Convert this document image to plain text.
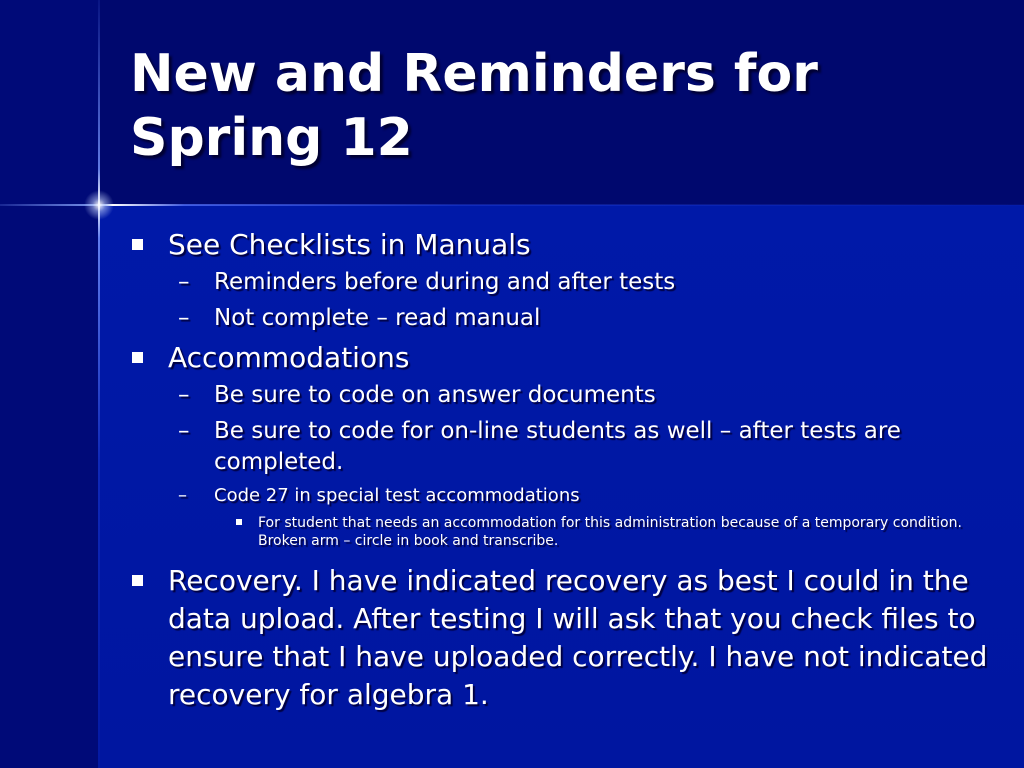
New and Reminders for Spring 12
See Checklists in Manuals
– Reminders before during and after tests
– Not complete – read manual
Accommodations
– Be sure to code on answer documents
– Be sure to code for on-line students as well – after tests are completed.
– Code 27 in special test accommodations
For student that needs an accommodation for this administration because of a temporary condition. Broken arm – circle in book and transcribe.
Recovery. I have indicated recovery as best I could in the data upload. After testing I will ask that you check files to ensure that I have uploaded correctly. I have not indicated recovery for algebra 1.
